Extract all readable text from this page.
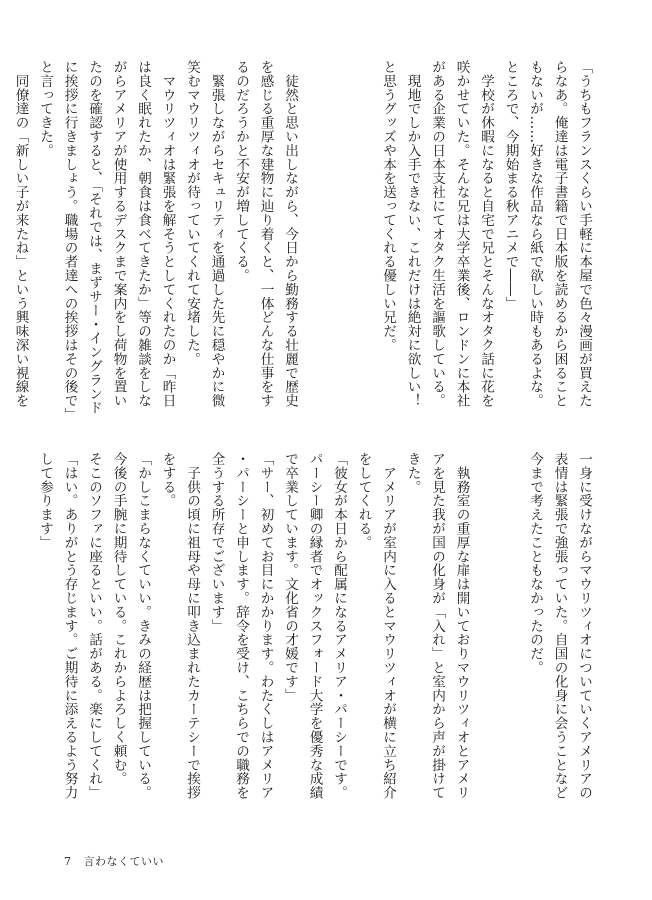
「うちもフランスくらい手軽に本屋で色々漫画が買えた
らなあ。俺達は電子書籍で日本版を読めるから困ること
もないが……好きな作品なら紙で欲しい時もあるよな。
ところで、今期始まる秋アニメで――」
　学校が休暇になると自宅で兄とそんなオタク話に花を
咲かせていた。そんな兄は大学卒業後、ロンドンに本社
がある企業の日本支社にてオタク生活を謳歌している。
　現地でしか入手できない、これだけは絶対に欲しい！
と思うグッズや本を送ってくれる優しい兄だ。

　徒然と思い出しながら、今日から勤務する壮麗で歴史
を感じる重厚な建物に辿り着くと、一体どんな仕事をす
るのだろうかと不安が増してくる。
　緊張しながらセキュリティを通過した先に穏やかに微
笑むマウリツィオが待っていてくれて安堵した。
　マウリツィオは緊張を解そうとしてくれたのか「昨日
は良く眠れたか、朝食は食べてきたか」等の雑談をしな
がらアメリアが使用するデスクまで案内をし荷物を置い
たのを確認すると、「それでは、まずサー・イングランド
に挨拶に行きましょう。職場の者達への挨拶はその後で」
と言ってきた。
　同僚達の「新しい子が来たね」という興味深い視線を
一身に受けながらマウリツィオについていくアメリアの
表情は緊張で強張っていた。自国の化身に会うことなど
今まで考えたこともなかったのだ。

　執務室の重厚な扉は開いておりマウリツィオとアメリ
アを見た我が国の化身が「入れ」と室内から声が掛けて
きた。
　アメリアが室内に入るとマウリツィオが横に立ち紹介
をしてくれる。
「彼女が本日から配属になるアメリア・パーシーです。
パーシー卿の縁者でオックスフォード大学を優秀な成績
で卒業しています。文化省の才媛です」
「サー、初めてお目にかかります。わたくしはアメリア
・パーシーと申します。辞令を受け、こちらでの職務を
全うする所存でございます」
　子供の頃に祖母や母に叩き込まれたカーテシーで挨拶
をする。
「かしこまらなくていい。きみの経歴は把握している。
今後の手腕に期待している。これからよろしく頼む。
そこのソファに座るといい。話がある。楽にしてくれ」
「はい。ありがとう存じます。ご期待に添えるよう努力
して参ります」
7 言わなくていい
